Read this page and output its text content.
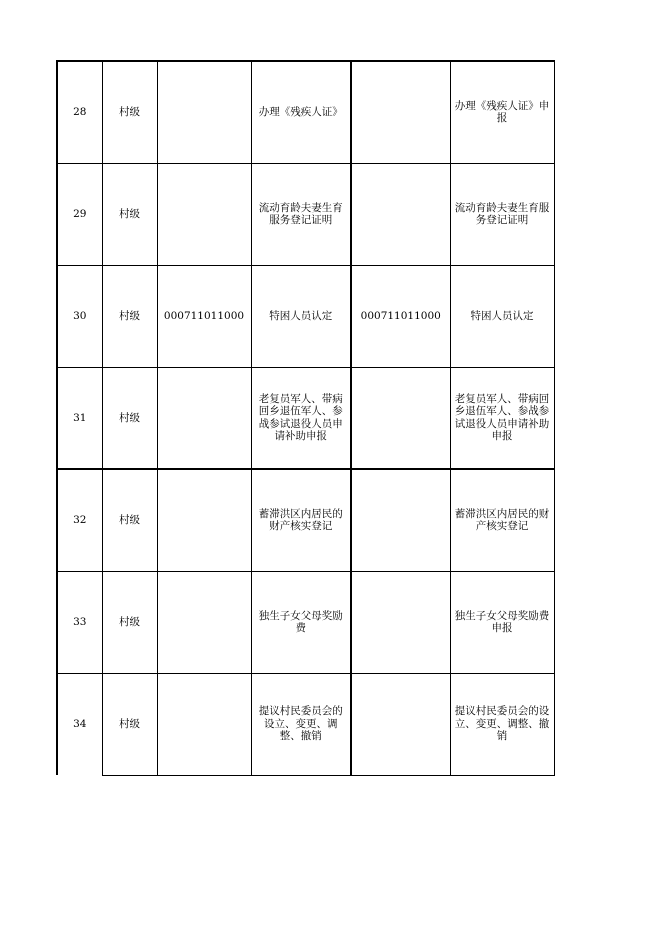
28	村级		办理《残疾人证》		办理《残疾人证》申报
29	村级		流动育龄夫妻生育服务登记证明		流动育龄夫妻生育服务登记证明
30	村级	000711011000	特困人员认定	000711011000	特困人员认定
31	村级		老复员军人、带病回乡退伍军人、参战参试退役人员申请补助申报		老复员军人、带病回乡退伍军人、参战参试退役人员申请补助申报
32	村级		蓄滞洪区内居民的财产核实登记		蓄滞洪区内居民的财产核实登记
33	村级		独生子女父母奖励费		独生子女父母奖励费申报
34	村级		提议村民委员会的设立、变更、调整、撤销		提议村民委员会的设立、变更、调整、撤销
